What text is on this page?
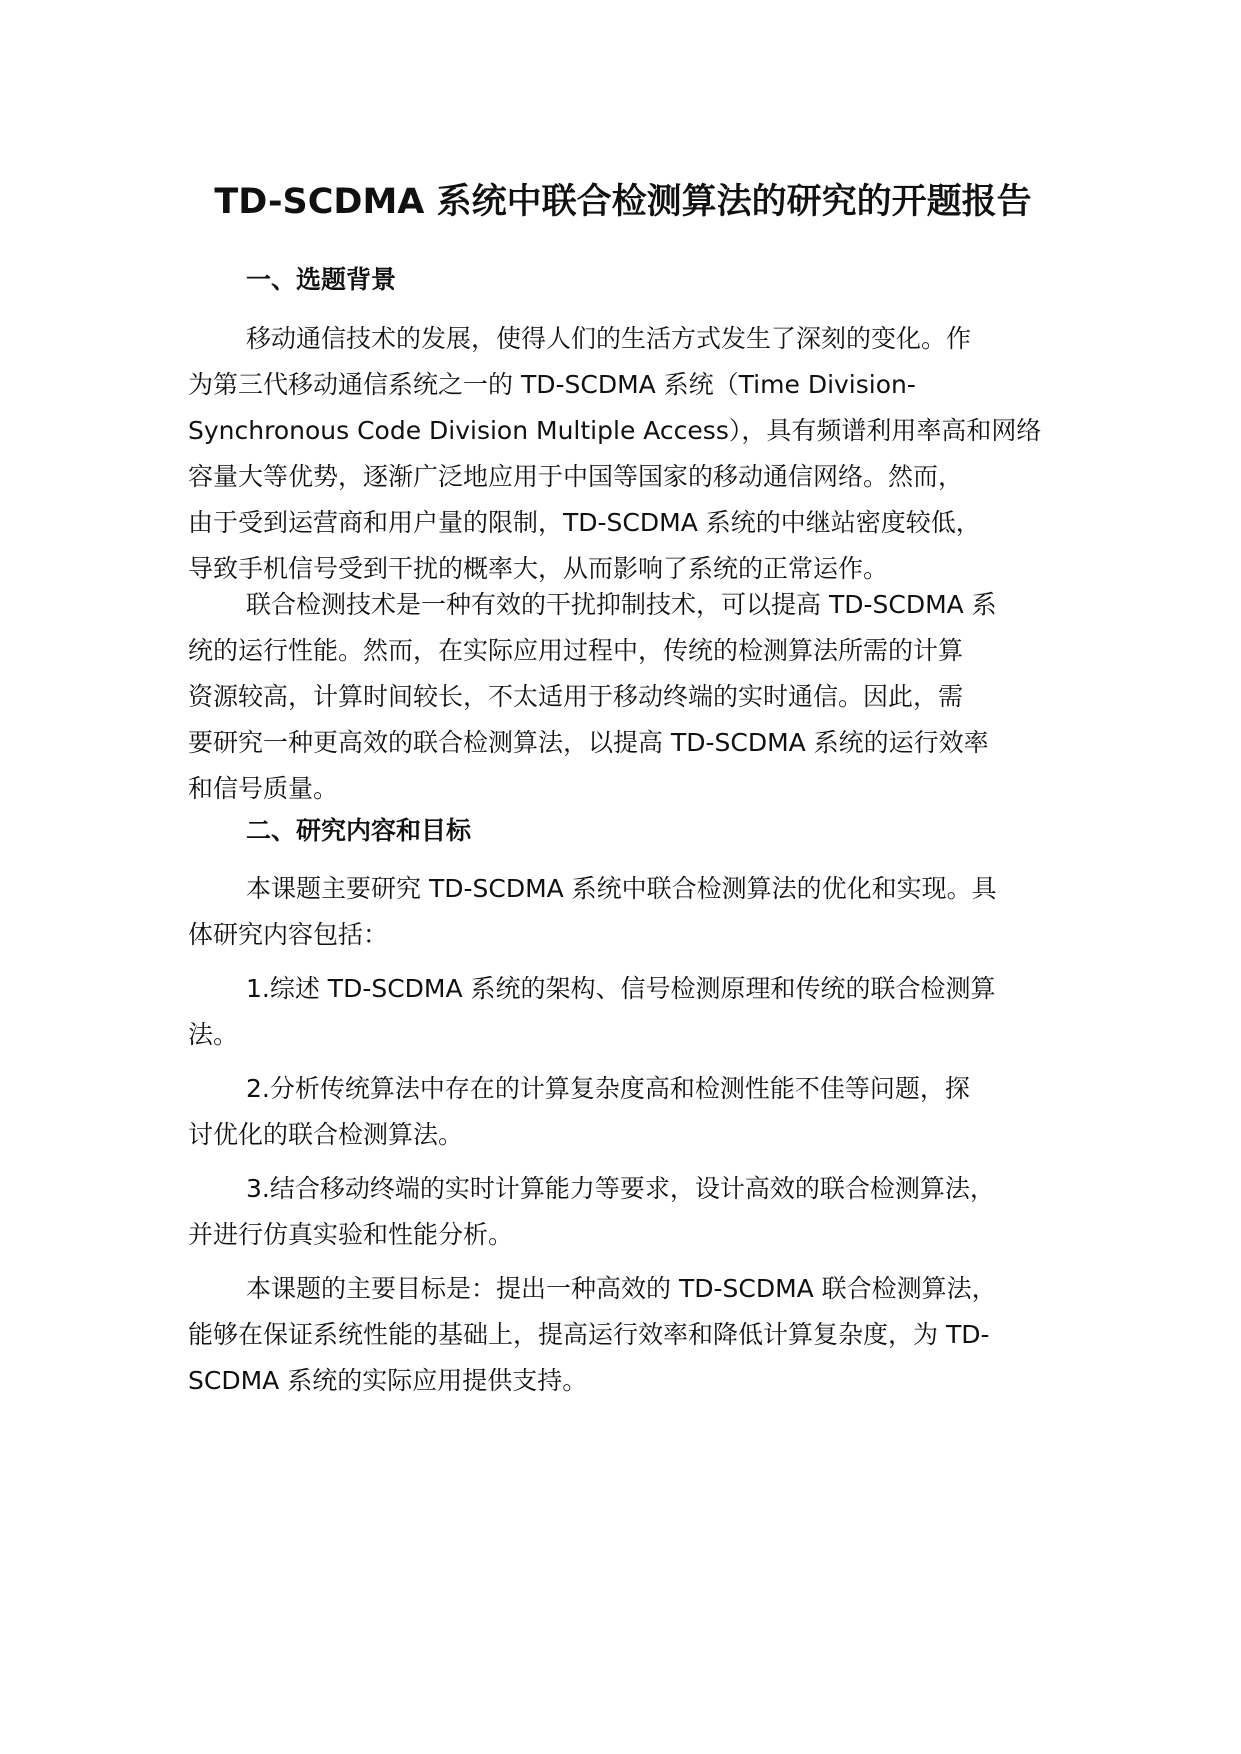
TD-SCDMA 系统中联合检测算法的研究的开题报告
一、选题背景

移动通信技术的发展，使得人们的生活方式发生了深刻的变化。作
为第三代移动通信系统之一的 TD-SCDMA 系统（Time Division-
Synchronous Code Division Multiple Access），具有频谱利用率高和网络
容量大等优势，逐渐广泛地应用于中国等国家的移动通信网络。然而，
由于受到运营商和用户量的限制，TD-SCDMA 系统的中继站密度较低，
导致手机信号受到干扰的概率大，从而影响了系统的正常运作。

联合检测技术是一种有效的干扰抑制技术，可以提高 TD-SCDMA 系
统的运行性能。然而，在实际应用过程中，传统的检测算法所需的计算
资源较高，计算时间较长，不太适用于移动终端的实时通信。因此，需
要研究一种更高效的联合检测算法，以提高 TD-SCDMA 系统的运行效率
和信号质量。

二、研究内容和目标

本课题主要研究 TD-SCDMA 系统中联合检测算法的优化和实现。具
体研究内容包括：

1.综述 TD-SCDMA 系统的架构、信号检测原理和传统的联合检测算
法。

2.分析传统算法中存在的计算复杂度高和检测性能不佳等问题，探
讨优化的联合检测算法。

3.结合移动终端的实时计算能力等要求，设计高效的联合检测算法，
并进行仿真实验和性能分析。

本课题的主要目标是：提出一种高效的 TD-SCDMA 联合检测算法，
能够在保证系统性能的基础上，提高运行效率和降低计算复杂度，为 TD-
SCDMA 系统的实际应用提供支持。
